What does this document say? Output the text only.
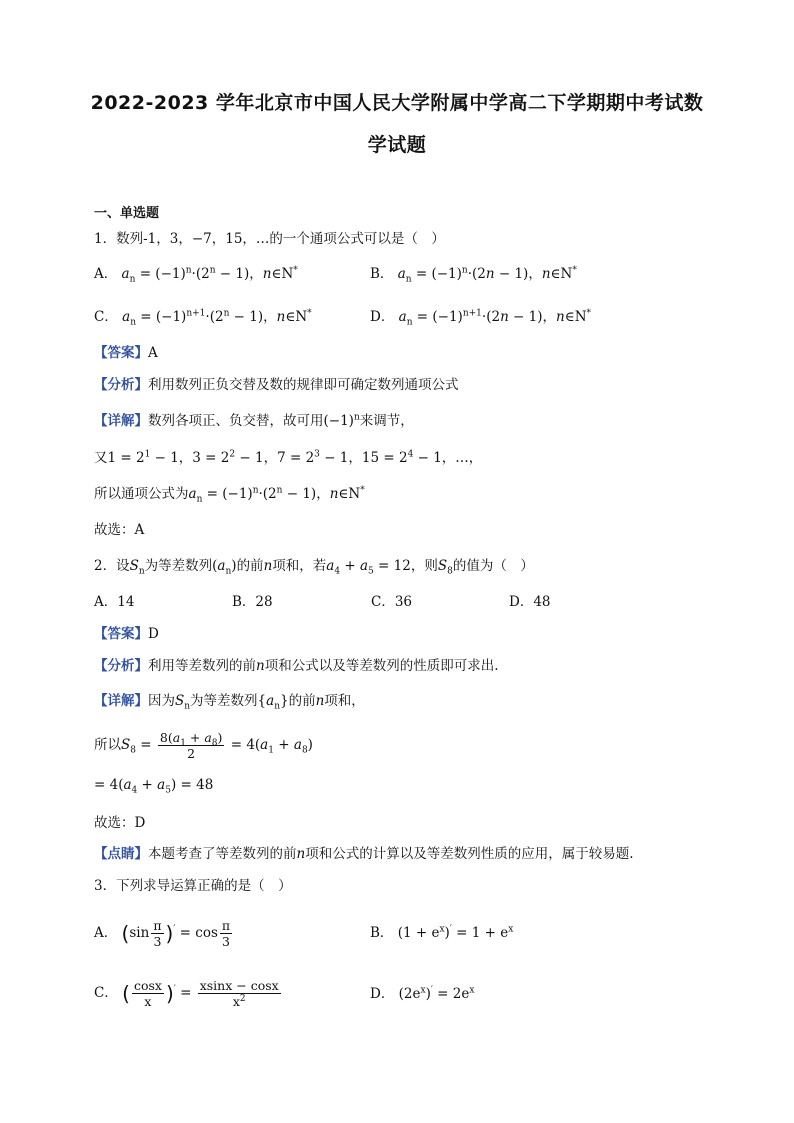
2022-2023 学年北京市中国人民大学附属中学高二下学期期中考试数
学试题
一、单选题
1．数列-1，3，−7，15，…的一个通项公式可以是（　）
A． $a_n = (-1)^n\cdot(2^n - 1)$，n∈N*	B． $a_n = (-1)^n\cdot(2n - 1)$，n∈N*
C． $a_n = (-1)^{n+1}\cdot(2^n - 1)$，n∈N*	D． $a_n = (-1)^{n+1}\cdot(2n - 1)$，n∈N*
【答案】A
【分析】利用数列正负交替及数的规律即可确定数列通项公式
【详解】数列各项正、负交替，故可用$(-1)^n$来调节，
又$1 = 2^1 - 1$，$3 = 2^2 - 1$，$7 = 2^3 - 1$，$15 = 2^4 - 1$，…，
所以通项公式为$a_n = (-1)^n\cdot(2^n - 1)$，n∈N*
故选：A
2．设$S_n$为等差数列$(a_n)$的前n项和，若$a_4 + a_5 = 12$，则$S_8$的值为（　）
A．14	B．28	C．36	D．48
【答案】D
【分析】利用等差数列的前n项和公式以及等差数列的性质即可求出.
【详解】因为$S_n$为等差数列$\{a_n\}$的前n项和，
所以$S_8 = \frac{8(a_1 + a_8)}{2} = 4(a_1 + a_8)$
= $4(a_4 + a_5) = 48$
故选：D
【点睛】本题考查了等差数列的前n项和公式的计算以及等差数列性质的应用，属于较易题.
3．下列求导运算正确的是（　）
A． $(\sin \frac{\pi}{3} )' = \cos \frac{\pi}{3}$	B． $(1 + e^x)' = 1 + e^x$
C． ( $\frac{\cos x}{x} )' = \frac{xsinx - \cos x}{x^2}$	D． $(2e^x)' = 2e^x$
